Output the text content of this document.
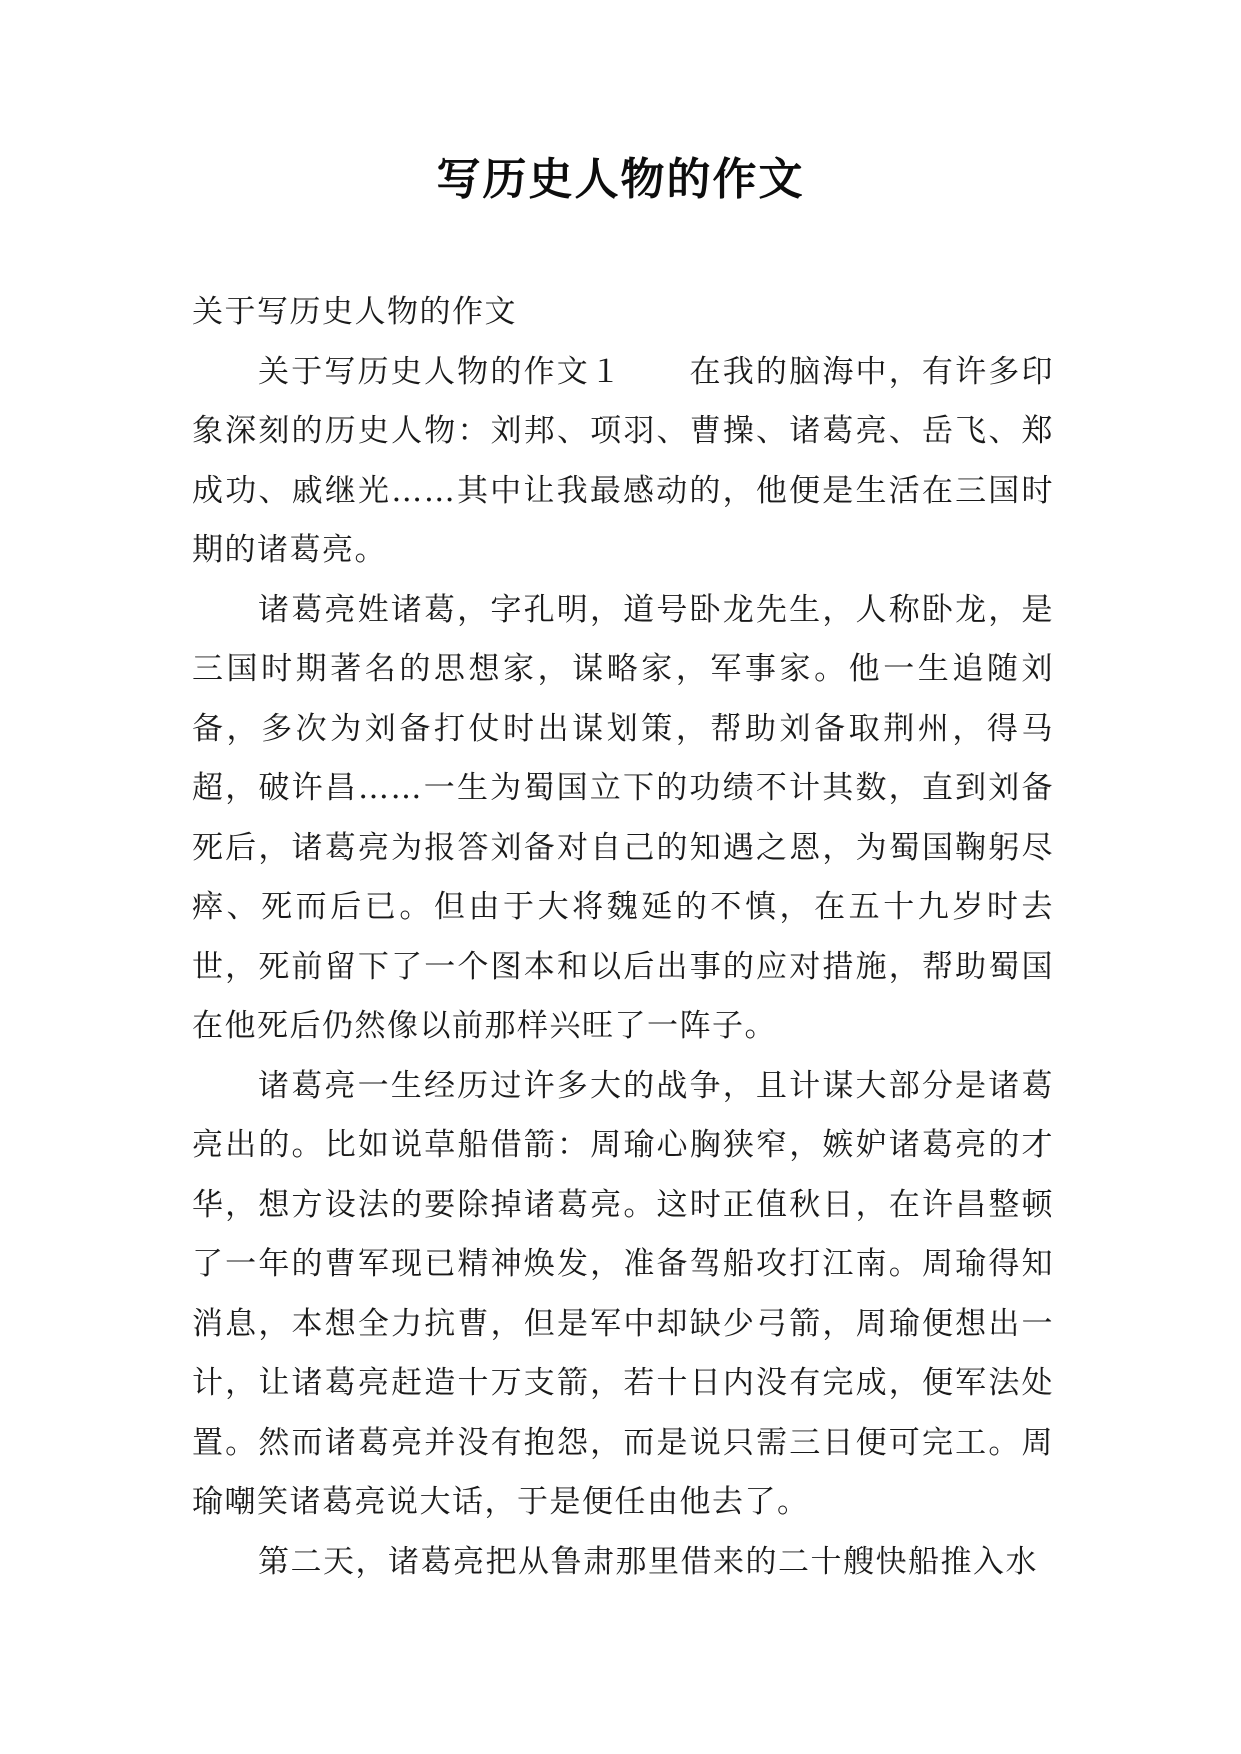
写历史人物的作文

关于写历史人物的作文

关于写历史人物的作文１　　在我的脑海中，有许多印象深刻的历史人物：刘邦、项羽、曹操、诸葛亮、岳飞、郑成功、戚继光……其中让我最感动的，他便是生活在三国时期的诸葛亮。

诸葛亮姓诸葛，字孔明，道号卧龙先生，人称卧龙，是三国时期著名的思想家，谋略家，军事家。他一生追随刘备，多次为刘备打仗时出谋划策，帮助刘备取荆州，得马超，破许昌……一生为蜀国立下的功绩不计其数，直到刘备死后，诸葛亮为报答刘备对自己的知遇之恩，为蜀国鞠躬尽瘁、死而后已。但由于大将魏延的不慎，在五十九岁时去世，死前留下了一个图本和以后出事的应对措施，帮助蜀国在他死后仍然像以前那样兴旺了一阵子。

诸葛亮一生经历过许多大的战争，且计谋大部分是诸葛亮出的。比如说草船借箭：周瑜心胸狭窄，嫉妒诸葛亮的才华，想方设法的要除掉诸葛亮。这时正值秋日，在许昌整顿了一年的曹军现已精神焕发，准备驾船攻打江南。周瑜得知消息，本想全力抗曹，但是军中却缺少弓箭，周瑜便想出一计，让诸葛亮赶造十万支箭，若十日内没有完成，便军法处置。然而诸葛亮并没有抱怨，而是说只需三日便可完工。周瑜嘲笑诸葛亮说大话，于是便任由他去了。

第二天，诸葛亮把从鲁肃那里借来的二十艘快船推入水
